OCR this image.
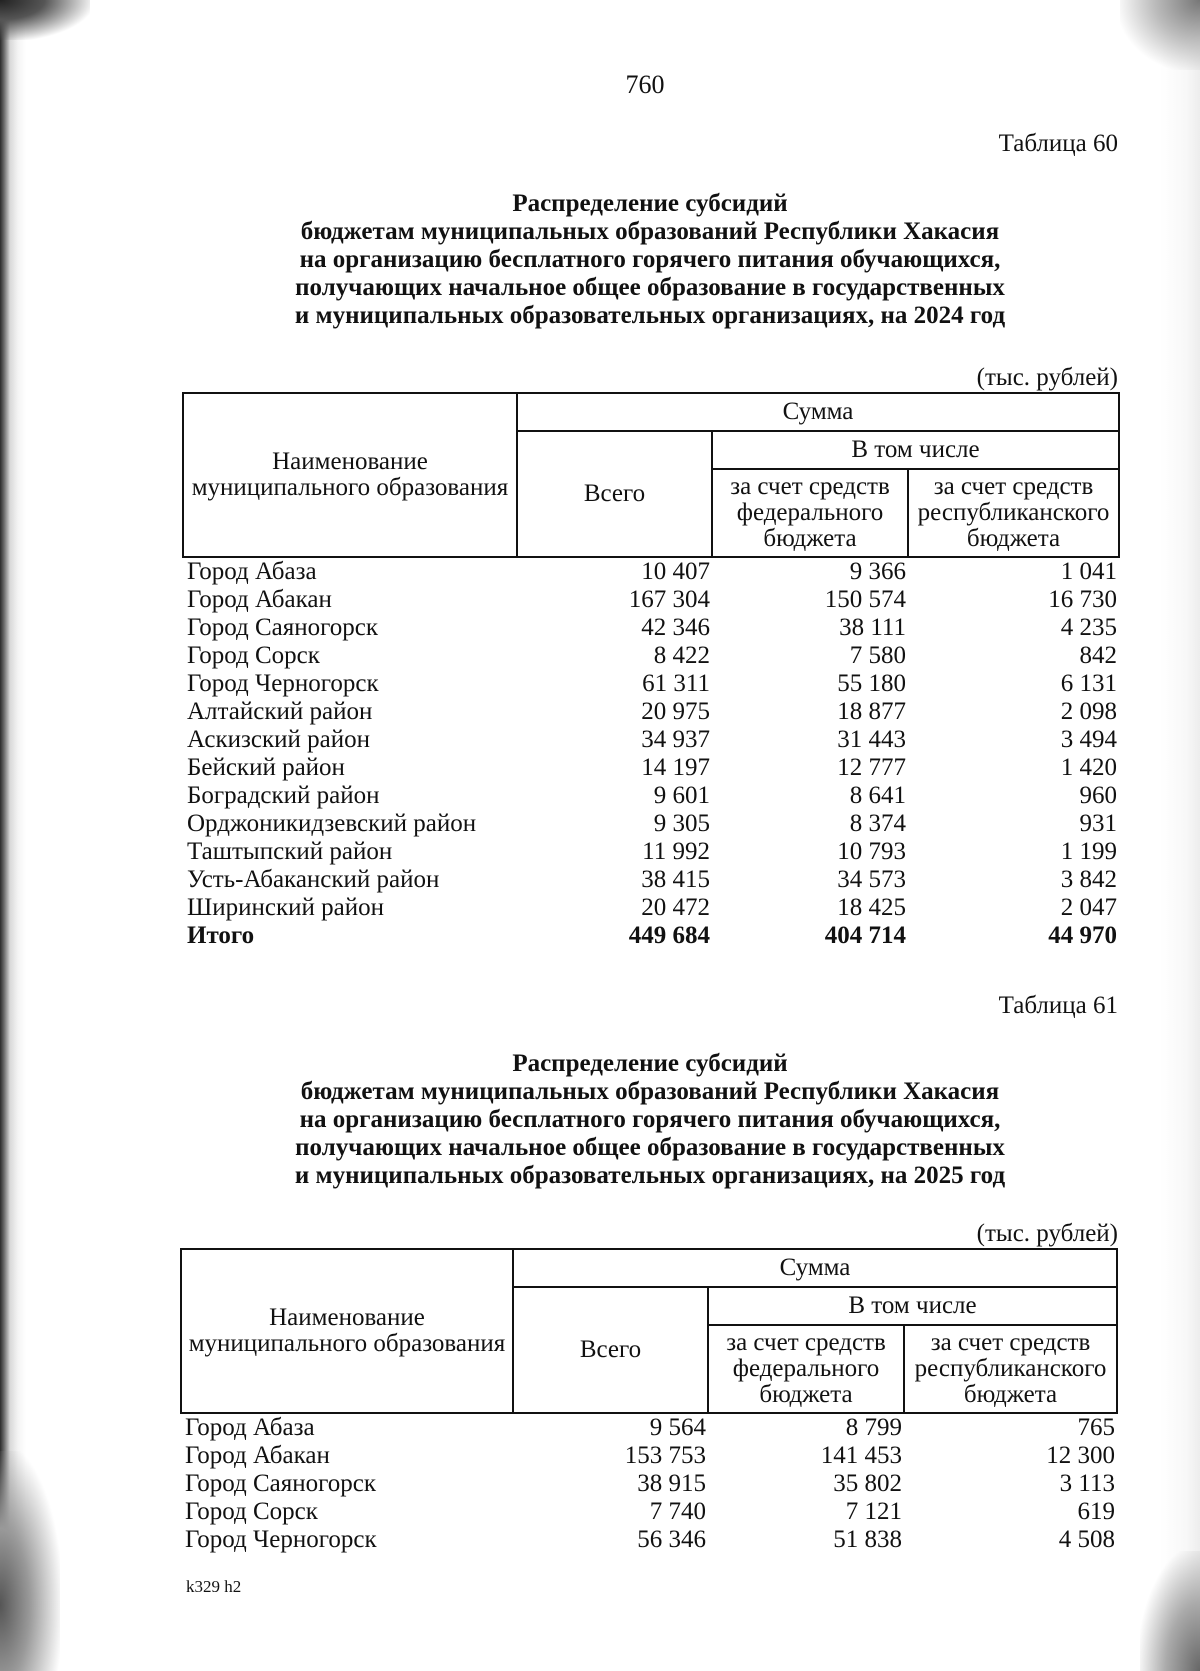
760
Таблица 60
Распределение субсидий
бюджетам муниципальных образований Республики Хакасия
на организацию бесплатного горячего питания обучающихся,
получающих начальное общее образование в государственных
и муниципальных образовательных организациях, на 2024 год
(тыс. рублей)
Наименование муниципального образования	Сумма		
	Всего	В том числе	
		за счет средств федерального бюджета	за счет средств республиканского бюджета
Город Абаза	10 407	9 366	1 041
Город Абакан	167 304	150 574	16 730
Город Саяногорск	42 346	38 111	4 235
Город Сорск	8 422	7 580	842
Город Черногорск	61 311	55 180	6 131
Алтайский район	20 975	18 877	2 098
Аскизский район	34 937	31 443	3 494
Бейский район	14 197	12 777	1 420
Боградский район	9 601	8 641	960
Орджоникидзевский район	9 305	8 374	931
Таштыпский район	11 992	10 793	1 199
Усть-Абаканский район	38 415	34 573	3 842
Ширинский район	20 472	18 425	2 047
Итого	449 684	404 714	44 970
Таблица 61
Распределение субсидий
бюджетам муниципальных образований Республики Хакасия
на организацию бесплатного горячего питания обучающихся,
получающих начальное общее образование в государственных
и муниципальных образовательных организациях, на 2025 год
(тыс. рублей)
Наименование муниципального образования	Сумма		
	Всего	В том числе	
		за счет средств федерального бюджета	за счет средств республиканского бюджета
Город Абаза	9 564	8 799	765
Город Абакан	153 753	141 453	12 300
Город Саяногорск	38 915	35 802	3 113
Город Сорск	7 740	7 121	619
Город Черногорск	56 346	51 838	4 508
k329 h2
